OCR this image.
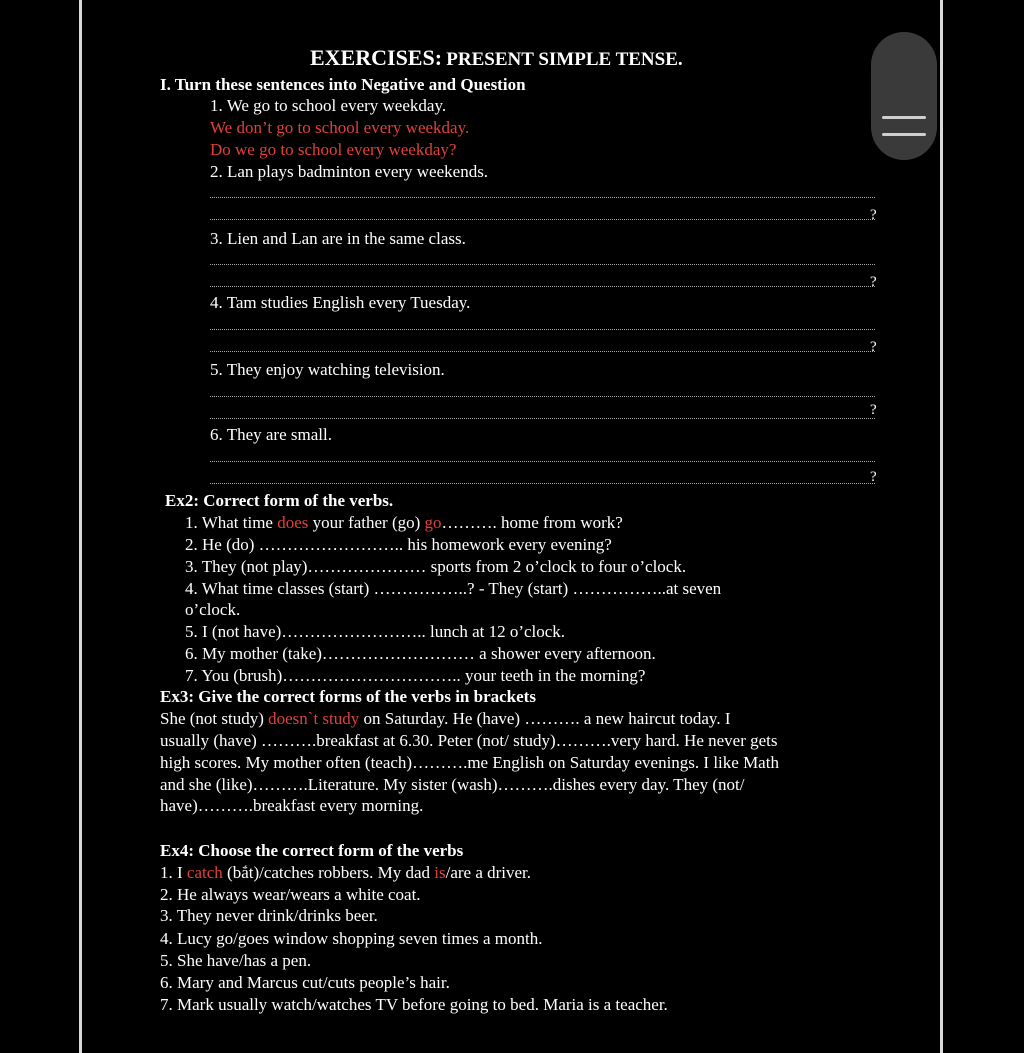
EXERCISES: PRESENT SIMPLE TENSE.
I. Turn these sentences into Negative and Question
1. We go to school every weekday.
We don’t go to school every weekday.
Do we go to school every weekday?
2. Lan plays badminton every weekends.
?
3. Lien and Lan are in the same class.
?
4. Tam studies English every Tuesday.
?
5. They enjoy watching television.
?
6. They are small.
?
Ex2: Correct form of the verbs.
1. What time does your father (go) go………. home from work?
2. He (do) …………………….. his homework every evening?
3. They (not play)………………… sports from 2 o’clock to four o’clock.
4. What time classes (start) ……………..? - They (start) ……………..at seven
o’clock.
5. I (not have)…………………….. lunch at 12 o’clock.
6. My mother (take)……………………… a shower every afternoon.
7. You (brush)………………………….. your teeth in the morning?
Ex3: Give the correct forms of the verbs in brackets
She (not study) doesn`t study on Saturday. He (have) ………. a new haircut today. I
usually (have) ……….breakfast at 6.30. Peter (not/ study)……….very hard. He never gets
high scores. My mother often (teach)……….me English on Saturday evenings. I like Math
and she (like)……….Literature. My sister (wash)……….dishes every day. They (not/
have)……….breakfast every morning.
Ex4: Choose the correct form of the verbs
1. I catch (bắt)/catches robbers. My dad is/are a driver.
2. He always wear/wears a white coat.
3. They never drink/drinks beer.
4. Lucy go/goes window shopping seven times a month.
5. She have/has a pen.
6. Mary and Marcus cut/cuts people’s hair.
7. Mark usually watch/watches TV before going to bed. Maria is a teacher.
